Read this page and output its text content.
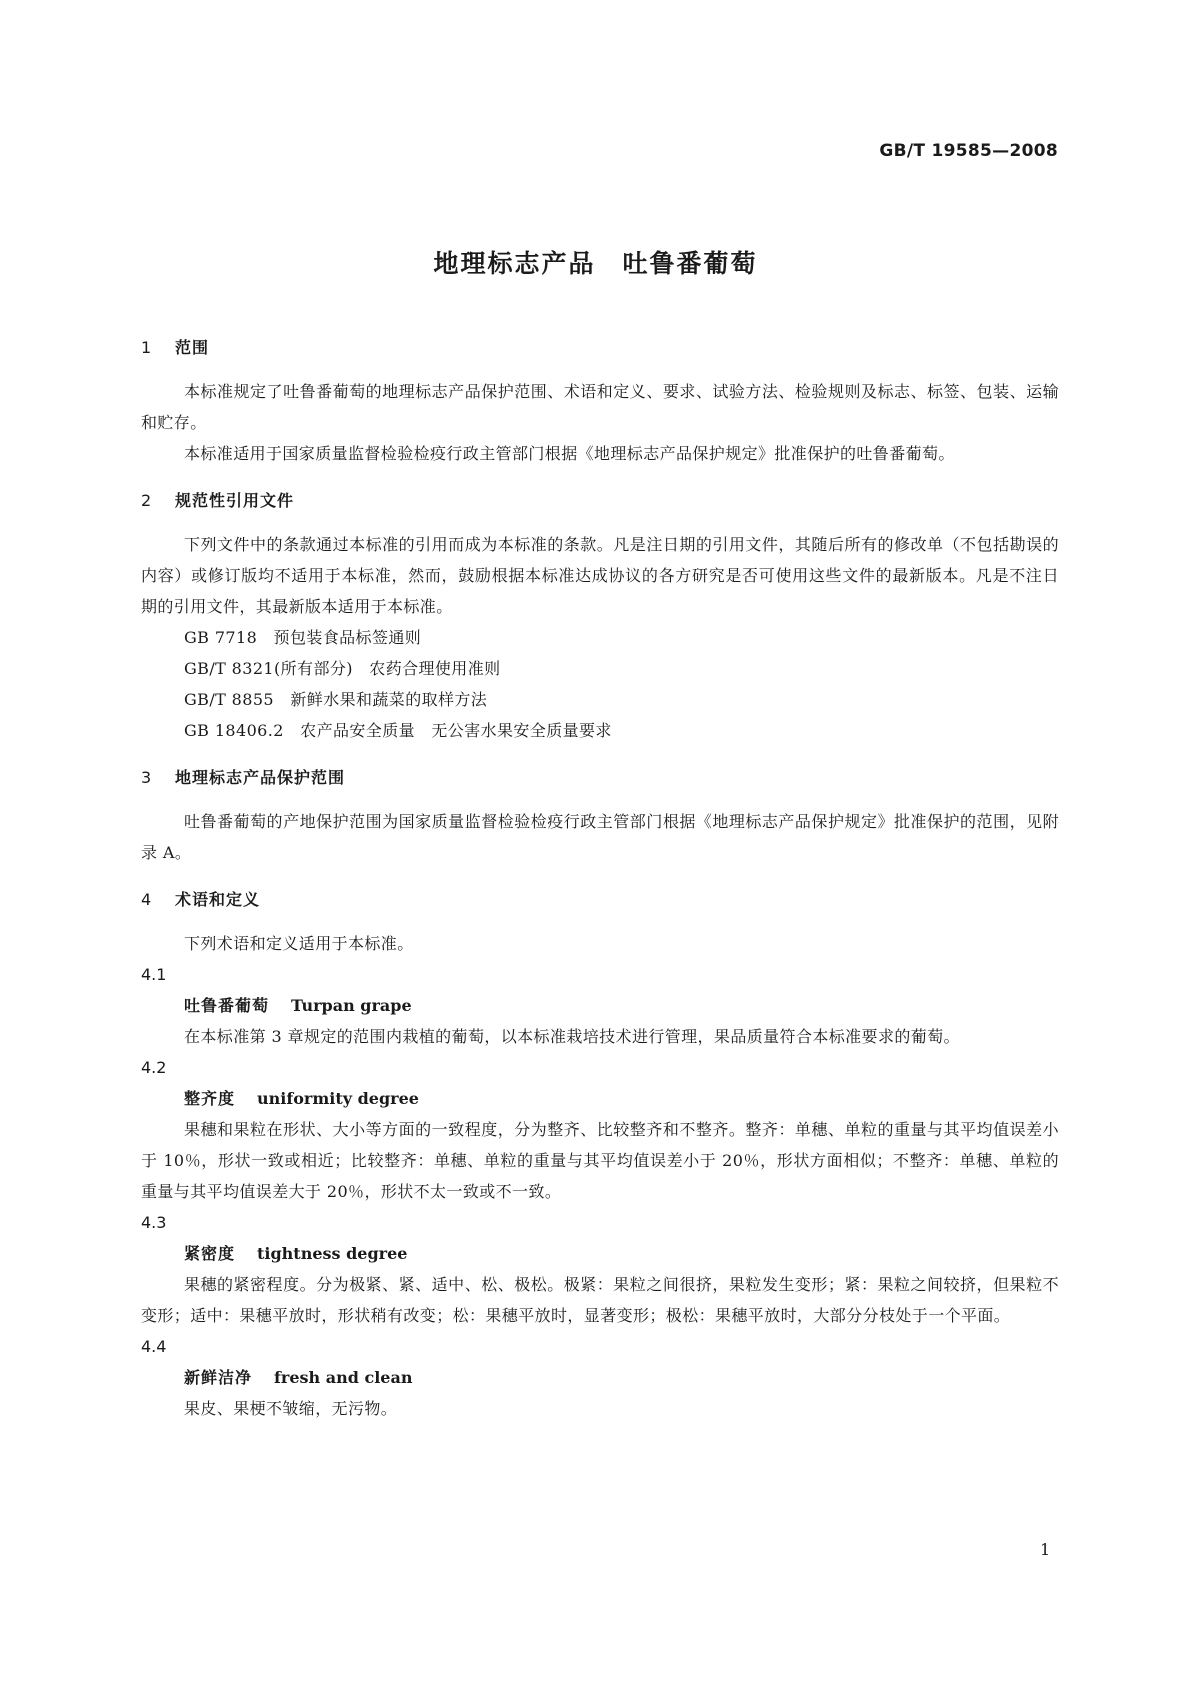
GB/T 19585—2008
地理标志产品　吐鲁番葡萄
1 范围

本标准规定了吐鲁番葡萄的地理标志产品保护范围、术语和定义、要求、试验方法、检验规则及标志、标签、包装、运输和贮存。

本标准适用于国家质量监督检验检疫行政主管部门根据《地理标志产品保护规定》批准保护的吐鲁番葡萄。

2 规范性引用文件

下列文件中的条款通过本标准的引用而成为本标准的条款。凡是注日期的引用文件，其随后所有的修改单（不包括勘误的内容）或修订版均不适用于本标准，然而，鼓励根据本标准达成协议的各方研究是否可使用这些文件的最新版本。凡是不注日期的引用文件，其最新版本适用于本标准。

GB 7718　预包装食品标签通则
GB/T 8321(所有部分)　农药合理使用准则
GB/T 8855　新鲜水果和蔬菜的取样方法
GB 18406.2　农产品安全质量　无公害水果安全质量要求
3 地理标志产品保护范围

吐鲁番葡萄的产地保护范围为国家质量监督检验检疫行政主管部门根据《地理标志产品保护规定》批准保护的范围，见附录 A。

4 术语和定义

下列术语和定义适用于本标准。

4.1
吐鲁番葡萄 Turpan grape

在本标准第 3 章规定的范围内栽植的葡萄，以本标准栽培技术进行管理，果品质量符合本标准要求的葡萄。

4.2
整齐度 uniformity degree

果穗和果粒在形状、大小等方面的一致程度，分为整齐、比较整齐和不整齐。整齐：单穗、单粒的重量与其平均值误差小于 10％，形状一致或相近；比较整齐：单穗、单粒的重量与其平均值误差小于 20％，形状方面相似；不整齐：单穗、单粒的重量与其平均值误差大于 20％，形状不太一致或不一致。

4.3
紧密度 tightness degree

果穗的紧密程度。分为极紧、紧、适中、松、极松。极紧：果粒之间很挤，果粒发生变形；紧：果粒之间较挤，但果粒不变形；适中：果穗平放时，形状稍有改变；松：果穗平放时，显著变形；极松：果穗平放时，大部分分枝处于一个平面。

4.4
新鲜洁净 fresh and clean

果皮、果梗不皱缩，无污物。

1
